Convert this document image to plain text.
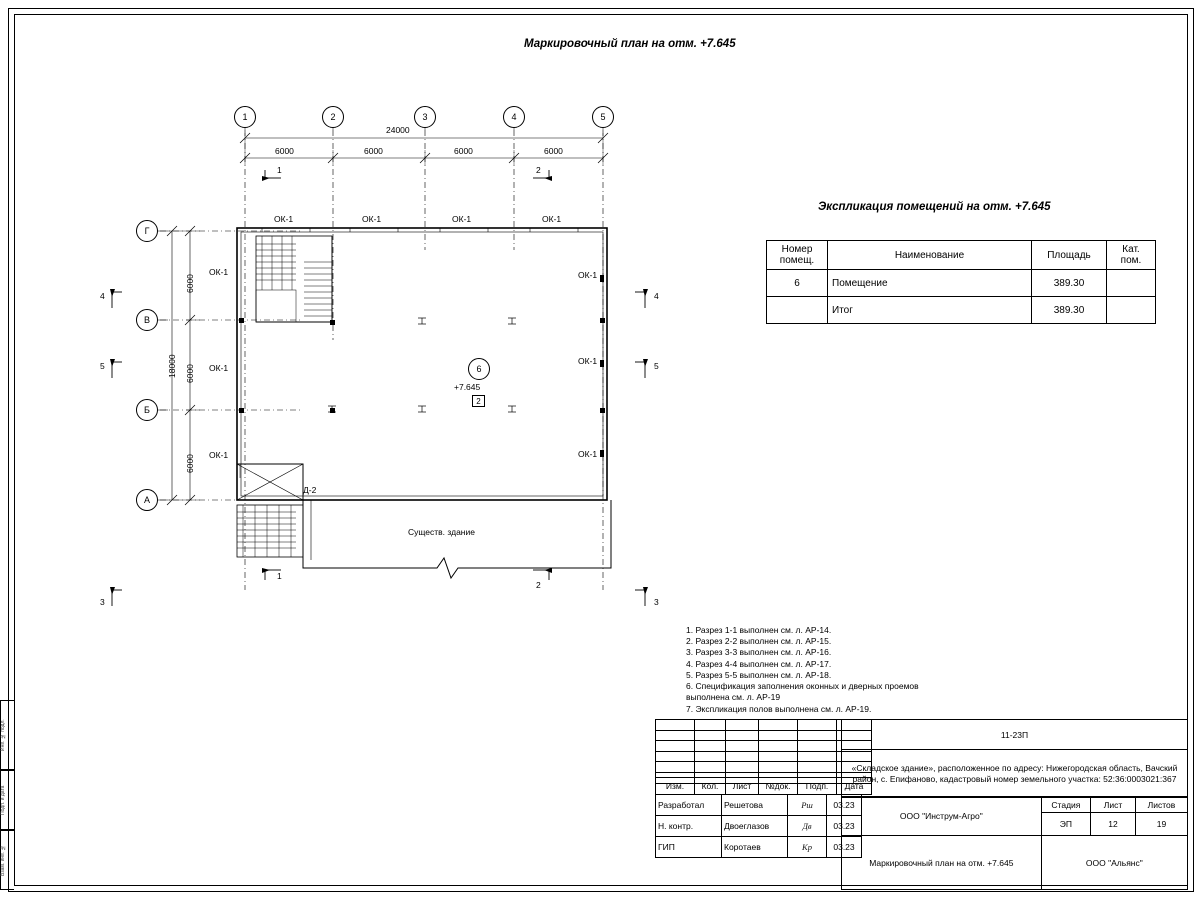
Инв. № подл.
Подп. и дата
Взам. инв. №
Маркировочный план на отм. +7.645
Экспликация помещений на отм. +7.645
1	2	3	4	5
Г
В
Б
А
24000
6000	6000	6000	6000
18000
6000
6000
6000
ОК-1	ОК-1	ОК-1	ОК-1
ОК-1
ОК-1
ОК-1
ОК-1
ОК-1
ОК-1
Д-2
6
+7.645
2
Существ. здание
1	2
1
2
4
5
3
4
5
3
Номер помещ.	Наименование	Площадь	Кат. пом.
6	Помещение	389.30	
	Итог	389.30	
1. Разрез 1-1 выполнен см. л. АР-14.
2. Разрез 2-2 выполнен см. л. АР-15.
3. Разрез 3-3 выполнен см. л. АР-16.
4. Разрез 4-4 выполнен см. л. АР-17.
5. Разрез 5-5 выполнен см. л. АР-18.
6. Спецификация заполнения оконных и дверных проемов выполнена см. л. АР-19
7. Экспликация полов выполнена см. л. АР-19.

Изм.	Кол.	Лист	№док.	Подп.	Дата
Разработал	Решетова	Рш	03.23
Н. контр.	Двоеглазов	Дв	03.23
ГИП	Коротаев	Кр	03.23
11-23П
«Складское здание», расположенное по адресу: Нижегородская область, Вачский район, с. Епифаново, кадастровый номер земельного участка: 52:36:0003021:367
ООО "Инструм-Агро"	Стадия	Лист	Листов
	ЭП	12	19
Маркировочный план на отм. +7.645	ООО "Альянс"		
